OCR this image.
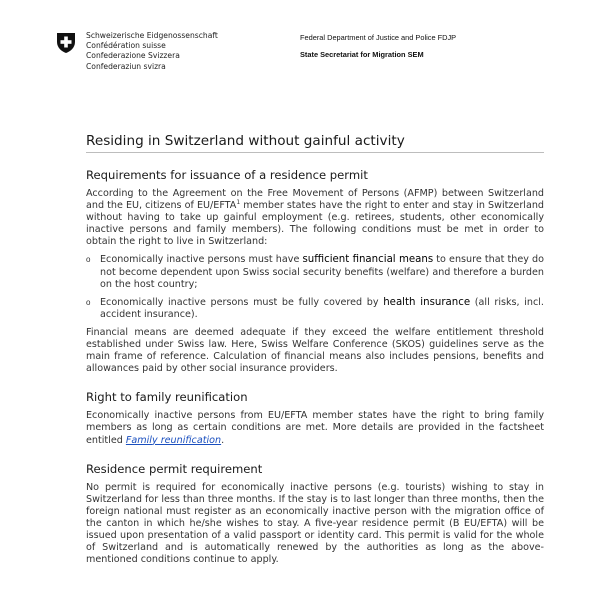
Schweizerische Eidgenossenschaft
Confédération suisse
Confederazione Svizzera
Confederaziun svizra
Federal Department of Justice and Police FDJP
State Secretariat for Migration SEM
Residing in Switzerland without gainful activity
Requirements for issuance of a residence permit

According to the Agreement on the Free Movement of Persons (AFMP) between Switzerland and the EU, citizens of EU/EFTA$^1$ member states have the right to enter and stay in Switzerland without having to take up gainful employment (e.g. retirees, students, other economically inactive persons and family members). The following conditions must be met in order to obtain the right to live in Switzerland:

o Economically inactive persons must have sufficient financial means to ensure that they do not become dependent upon Swiss social security benefits (welfare) and therefore a burden on the host country;

o Economically inactive persons must be fully covered by health insurance (all risks, incl. accident insurance).

Financial means are deemed adequate if they exceed the welfare entitlement threshold established under Swiss law. Here, Swiss Welfare Conference (SKOS) guidelines serve as the main frame of reference. Calculation of financial means also includes pensions, benefits and allowances paid by other social insurance providers.

Right to family reunification

Economically inactive persons from EU/EFTA member states have the right to bring family members as long as certain conditions are met. More details are provided in the factsheet entitled Family reunification.

Residence permit requirement

No permit is required for economically inactive persons (e.g. tourists) wishing to stay in Switzerland for less than three months. If the stay is to last longer than three months, then the foreign national must register as an economically inactive person with the migration office of the canton in which he/she wishes to stay. A five-year residence permit (B EU/EFTA) will be issued upon presentation of a valid passport or identity card. This permit is valid for the whole of Switzerland and is automatically renewed by the authorities as long as the above-mentioned conditions continue to apply.
